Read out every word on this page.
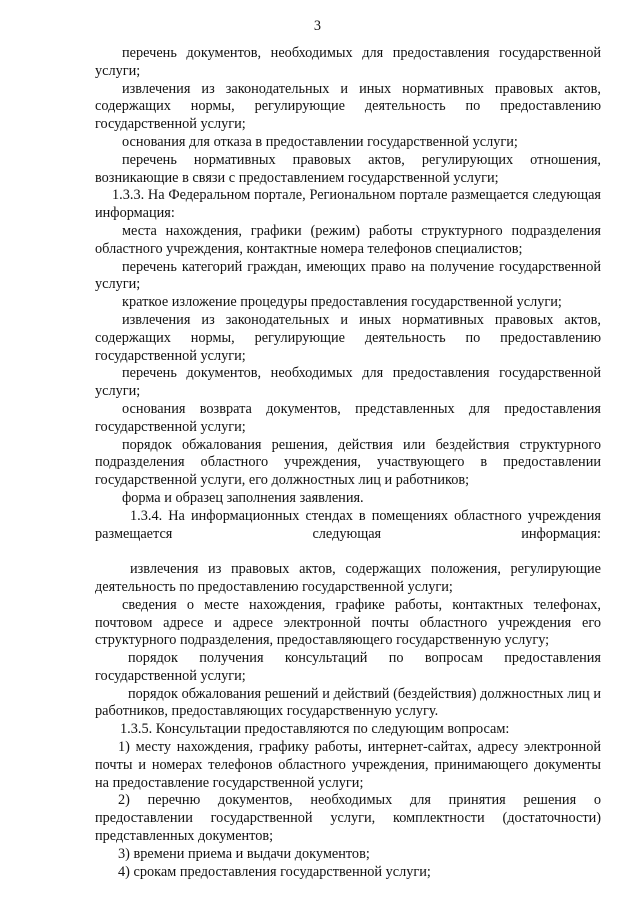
3

перечень документов, необходимых для предоставления государственной услуги;

извлечения из законодательных и иных нормативных правовых актов, содержащих нормы, регулирующие деятельность по предоставлению государственной услуги;

основания для отказа в предоставлении государственной услуги;

перечень нормативных правовых актов, регулирующих отношения, возникающие в связи с предоставлением государственной услуги;

1.3.3. На Федеральном портале, Региональном портале размещается следующая информация:

места нахождения, графики (режим) работы структурного подразделения областного учреждения, контактные номера телефонов специалистов;

перечень категорий граждан, имеющих право на получение государственной услуги;

краткое изложение процедуры предоставления государственной услуги;

извлечения из законодательных и иных нормативных правовых актов, содержащих нормы, регулирующие деятельность по предоставлению государственной услуги;

перечень документов, необходимых для предоставления государственной услуги;

основания возврата документов, представленных для предоставления государственной услуги;

порядок обжалования решения, действия или бездействия структурного подразделения областного учреждения, участвующего в предоставлении государственной услуги, его должностных лиц и работников;

форма и образец заполнения заявления.

1.3.4. На информационных стендах в помещениях областного учреждения размещается следующая информация:

извлечения из правовых актов, содержащих положения, регулирующие деятельность по предоставлению государственной услуги;

сведения о месте нахождения, графике работы, контактных телефонах, почтовом адресе и адресе электронной почты областного учреждения его структурного подразделения, предоставляющего государственную услугу;

порядок получения консультаций по вопросам предоставления государственной услуги;

порядок обжалования решений и действий (бездействия) должностных лиц и работников, предоставляющих государственную услугу.

1.3.5. Консультации предоставляются по следующим вопросам:

1) месту нахождения, графику работы, интернет-сайтах, адресу электронной почты и номерах телефонов областного учреждения, принимающего документы на предоставление государственной услуги;

2) перечню документов, необходимых для принятия решения о предоставлении государственной услуги, комплектности (достаточности) представленных документов;

3) времени приема и выдачи документов;

4) срокам предоставления государственной услуги;
